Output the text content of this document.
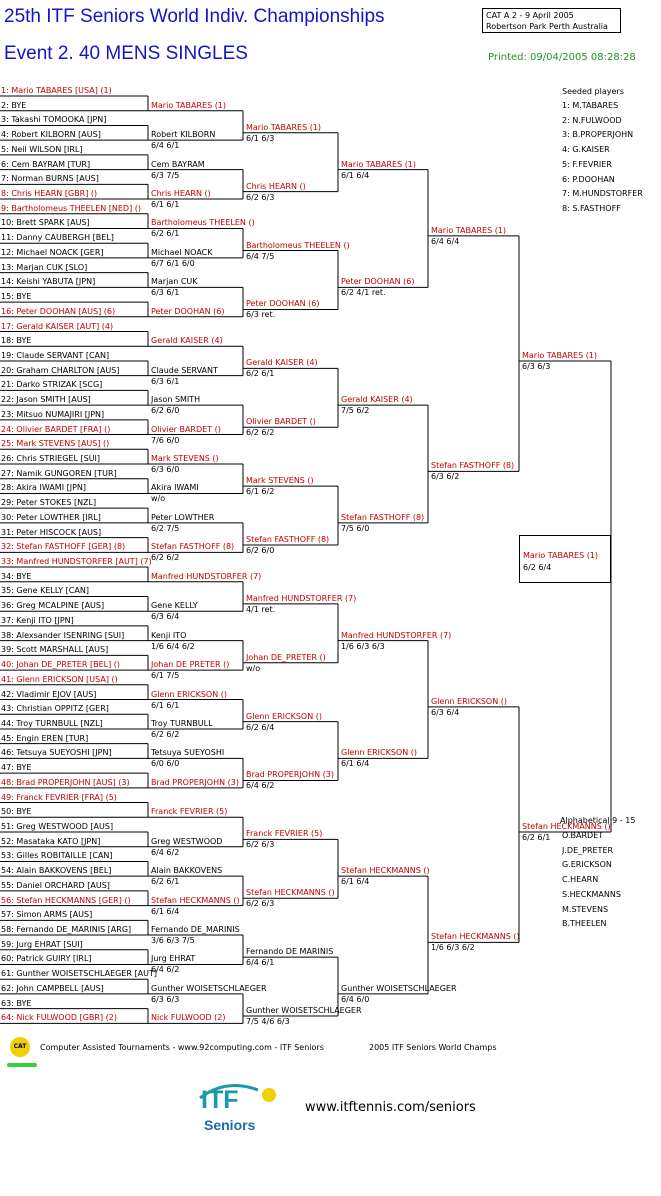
25th ITF Seniors World Indiv. Championships
Event 2. 40 MENS SINGLES
CAT A 2 - 9 April 2005
Robertson Park Perth Australia
Printed: 09/04/2005 08:28:28
1: Mario TABARES [USA] (1)
2: BYE
3: Takashi TOMOOKA [JPN]
4: Robert KILBORN [AUS]
5: Neil WILSON [IRL]
6: Cem BAYRAM [TUR]
7: Norman BURNS [AUS]
8: Chris HEARN [GBR] ()
9: Bartholomeus THEELEN [NED] ()
10: Brett SPARK [AUS]
11: Danny CAUBERGH [BEL]
12: Michael NOACK [GER]
13: Marjan CUK [SLO]
14: Keishi YABUTA [JPN]
15: BYE
16: Peter DOOHAN [AUS] (6)
17: Gerald KAISER [AUT] (4)
18: BYE
19: Claude SERVANT [CAN]
20: Graham CHARLTON [AUS]
21: Darko STRIZAK [SCG]
22: Jason SMITH [AUS]
23: Mitsuo NUMAJIRI [JPN]
24: Olivier BARDET [FRA] ()
25: Mark STEVENS [AUS] ()
26: Chris STRIEGEL [SUI]
27: Namik GUNGOREN [TUR]
28: Akira IWAMI [JPN]
29: Peter STOKES [NZL]
30: Peter LOWTHER [IRL]
31: Peter HISCOCK [AUS]
32: Stefan FASTHOFF [GER] (8)
33: Manfred HUNDSTORFER [AUT] (7)
34: BYE
35: Gene KELLY [CAN]
36: Greg MCALPINE [AUS]
37: Kenji ITO [JPN]
38: Alexsander ISENRING [SUI]
39: Scott MARSHALL [AUS]
40: Johan DE_PRETER [BEL] ()
41: Glenn ERICKSON [USA] ()
42: Vladimir EJOV [AUS]
43: Christian OPPITZ [GER]
44: Troy TURNBULL [NZL]
45: Engin EREN [TUR]
46: Tetsuya SUEYOSHI [JPN]
47: BYE
48: Brad PROPERJOHN [AUS] (3)
49: Franck FEVRIER [FRA] (5)
50: BYE
51: Greg WESTWOOD [AUS]
52: Masataka KATO [JPN]
53: Gilles ROBITAILLE [CAN]
54: Alain BAKKOVENS [BEL]
55: Daniel ORCHARD [AUS]
56: Stefan HECKMANNS [GER] ()
57: Simon ARMS [AUS]
58: Fernando DE_MARINIS [ARG]
59: Jurg EHRAT [SUI]
60: Patrick GUIRY [IRL]
61: Gunther WOISETSCHLAEGER [AUT]
62: John CAMPBELL [AUS]
63: BYE
64: Nick FULWOOD [GBR] (2)
Mario TABARES (1)
Robert KILBORN
6/4 6/1
Cem BAYRAM
6/3 7/5
Chris HEARN ()
6/1 6/1
Bartholomeus THEELEN ()
6/2 6/1
Michael NOACK
6/7 6/1 6/0
Marjan CUK
6/3 6/1
Peter DOOHAN (6)
Gerald KAISER (4)
Claude SERVANT
6/3 6/1
Jason SMITH
6/2 6/0
Olivier BARDET ()
7/6 6/0
Mark STEVENS ()
6/3 6/0
Akira IWAMI
w/o
Peter LOWTHER
6/2 7/5
Stefan FASTHOFF (8)
6/2 6/2
Manfred HUNDSTORFER (7)
Gene KELLY
6/3 6/4
Kenji ITO
1/6 6/4 6/2
Johan DE PRETER ()
6/1 7/5
Glenn ERICKSON ()
6/1 6/1
Troy TURNBULL
6/2 6/2
Tetsuya SUEYOSHI
6/0 6/0
Brad PROPERJOHN (3)
Franck FEVRIER (5)
Greg WESTWOOD
6/4 6/2
Alain BAKKOVENS
6/2 6/1
Stefan HECKMANNS ()
6/1 6/4
Fernando DE_MARINIS
3/6 6/3 7/5
Jurg EHRAT
6/4 6/2
Gunther WOISETSCHLAEGER
6/3 6/3
Nick FULWOOD (2)
Mario TABARES (1)
6/1 6/3
Chris HEARN ()
6/2 6/3
Bartholomeus THEELEN ()
6/4 7/5
Peter DOOHAN (6)
6/3 ret.
Gerald KAISER (4)
6/2 6/1
Olivier BARDET ()
6/2 6/2
Mark STEVENS ()
6/1 6/2
Stefan FASTHOFF (8)
6/2 6/0
Manfred HUNDSTORFER (7)
4/1 ret.
Johan DE_PRETER ()
w/o
Glenn ERICKSON ()
6/2 6/4
Brad PROPERJOHN (3)
6/4 6/2
Franck FEVRIER (5)
6/2 6/3
Stefan HECKMANNS ()
6/2 6/3
Fernando DE MARINIS
6/4 6/1
Gunther WOISETSCHLAEGER
7/5 4/6 6/3
Mario TABARES (1)
6/1 6/4
Peter DOOHAN (6)
6/2 4/1 ret.
Gerald KAISER (4)
7/5 6/2
Stefan FASTHOFF (8)
7/5 6/0
Manfred HUNDSTORFER (7)
1/6 6/3 6/3
Glenn ERICKSON ()
6/1 6/4
Stefan HECKMANNS ()
6/1 6/4
Gunther WOISETSCHLAEGER
6/4 6/0
Mario TABARES (1)
6/4 6/4
Stefan FASTHOFF (8)
6/3 6/2
Glenn ERICKSON ()
6/3 6/4
Stefan HECKMANNS ()
1/6 6/3 6/2
Mario TABARES (1)
6/3 6/3
Stefan HECKMANNS ()
6/2 6/1
Mario TABARES (1)
6/2 6/4
Seeded players
1: M.TABARES
2: N.FULWOOD
3: B.PROPERJOHN
4: G.KAISER
5: F.FEVRIER
6: P.DOOHAN
7: M.HUNDSTORFER
8: S.FASTHOFF
Alphabetical 9 - 15
O.BARDET
J.DE_PRETER
G.ERICKSON
C.HEARN
S.HECKMANNS
M.STEVENS
B.THEELEN
CAT	Computer Assisted Tournaments - www.92computing.com - ITF Seniors	2005 ITF Seniors World Champs
ITF
Seniors
www.itftennis.com/seniors
